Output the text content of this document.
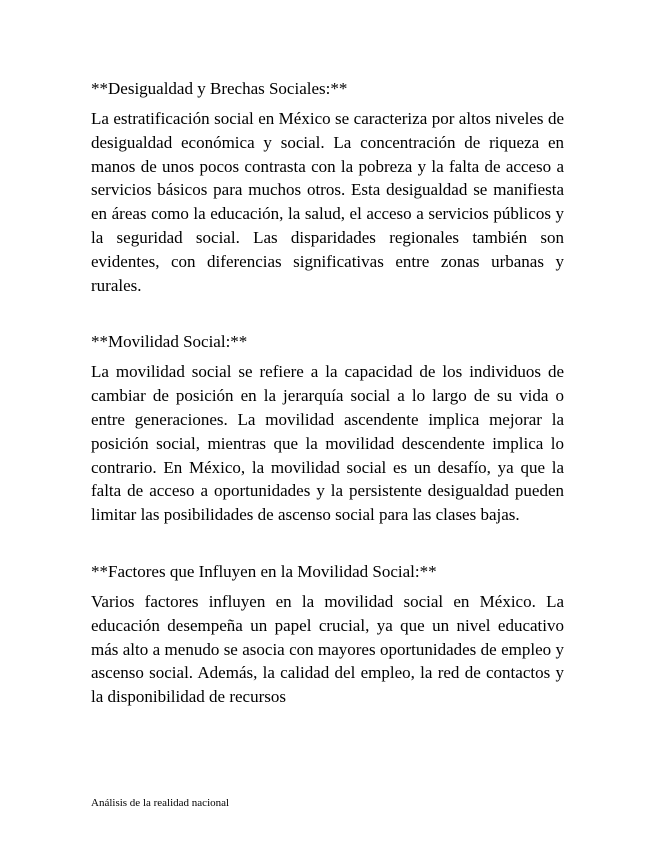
**Desigualdad y Brechas Sociales:**

La estratificación social en México se caracteriza por altos niveles de desigualdad económica y social. La concentración de riqueza en manos de unos pocos contrasta con la pobreza y la falta de acceso a servicios básicos para muchos otros. Esta desigualdad se manifiesta en áreas como la educación, la salud, el acceso a servicios públicos y la seguridad social. Las disparidades regionales también son evidentes, con diferencias significativas entre zonas urbanas y rurales.

**Movilidad Social:**

La movilidad social se refiere a la capacidad de los individuos de cambiar de posición en la jerarquía social a lo largo de su vida o entre generaciones. La movilidad ascendente implica mejorar la posición social, mientras que la movilidad descendente implica lo contrario. En México, la movilidad social es un desafío, ya que la falta de acceso a oportunidades y la persistente desigualdad pueden limitar las posibilidades de ascenso social para las clases bajas.

**Factores que Influyen en la Movilidad Social:**

Varios factores influyen en la movilidad social en México. La educación desempeña un papel crucial, ya que un nivel educativo más alto a menudo se asocia con mayores oportunidades de empleo y ascenso social. Además, la calidad del empleo, la red de contactos y la disponibilidad de recursos

Análisis de la realidad nacional
